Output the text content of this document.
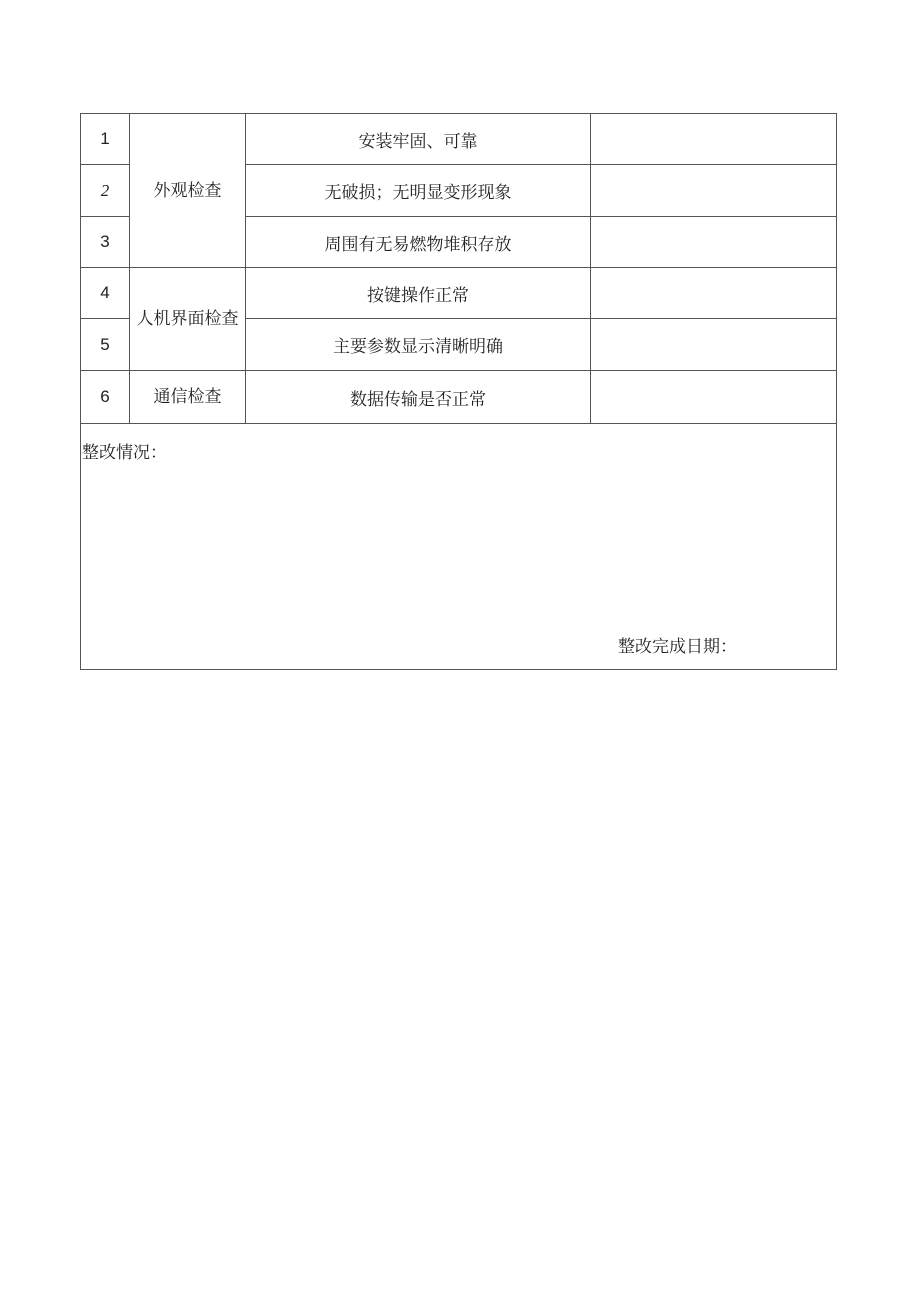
1	外观检查	安装牢固、可靠	
2		无破损；无明显变形现象	
3		周围有无易燃物堆积存放	
4	人机界面检查	按键操作正常	
5		主要参数显示清晰明确	
6	通信检查	数据传输是否正常	

整改情况：
整改完成日期：			
